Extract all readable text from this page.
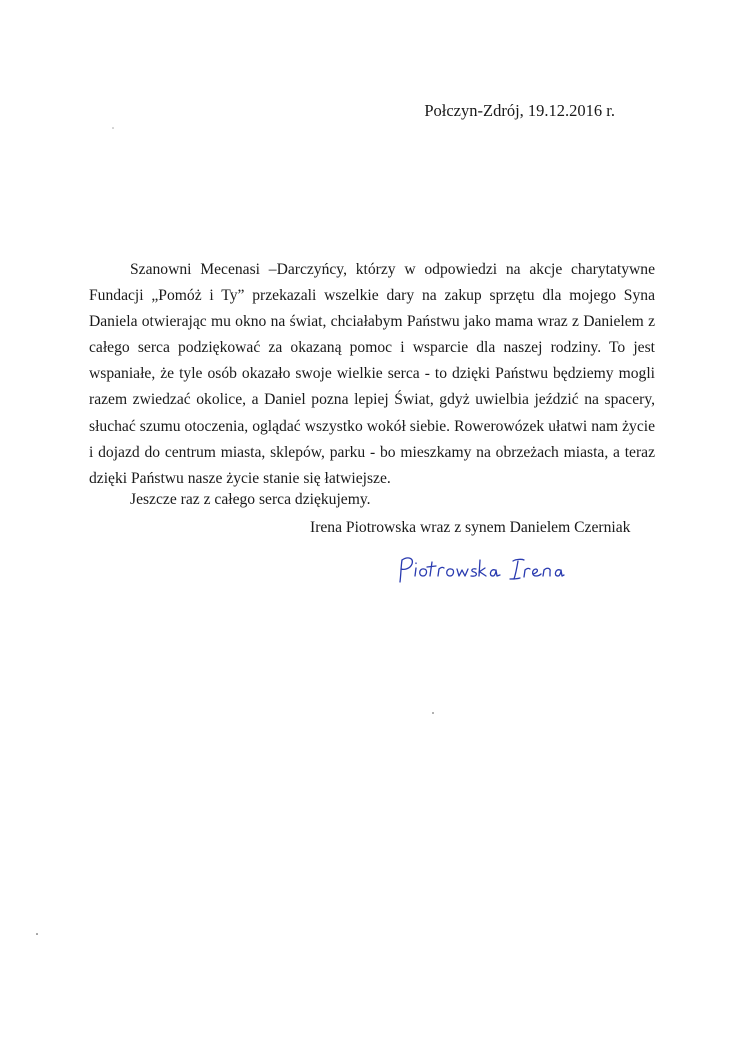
Połczyn-Zdrój, 19.12.2016 r.

Szanowni Mecenasi –Darczyńcy, którzy w odpowiedzi na akcje charytatywne Fundacji „Pomóż i Ty” przekazali wszelkie dary na zakup sprzętu dla mojego Syna Daniela otwierając mu okno na świat, chciałabym Państwu jako mama wraz z Danielem z całego serca podziękować za okazaną pomoc i wsparcie dla naszej rodziny. To jest wspaniałe, że tyle osób okazało swoje wielkie serca - to dzięki Państwu będziemy mogli razem zwiedzać okolice, a Daniel pozna lepiej Świat, gdyż uwielbia jeździć na spacery, słuchać szumu otoczenia, oglądać wszystko wokół siebie. Rowerowózek ułatwi nam życie i dojazd do centrum miasta, sklepów, parku - bo mieszkamy na obrzeżach miasta, a teraz dzięki Państwu nasze życie stanie się łatwiejsze.

Jeszcze raz z całego serca dziękujemy.
Irena Piotrowska wraz z synem Danielem Czerniak
